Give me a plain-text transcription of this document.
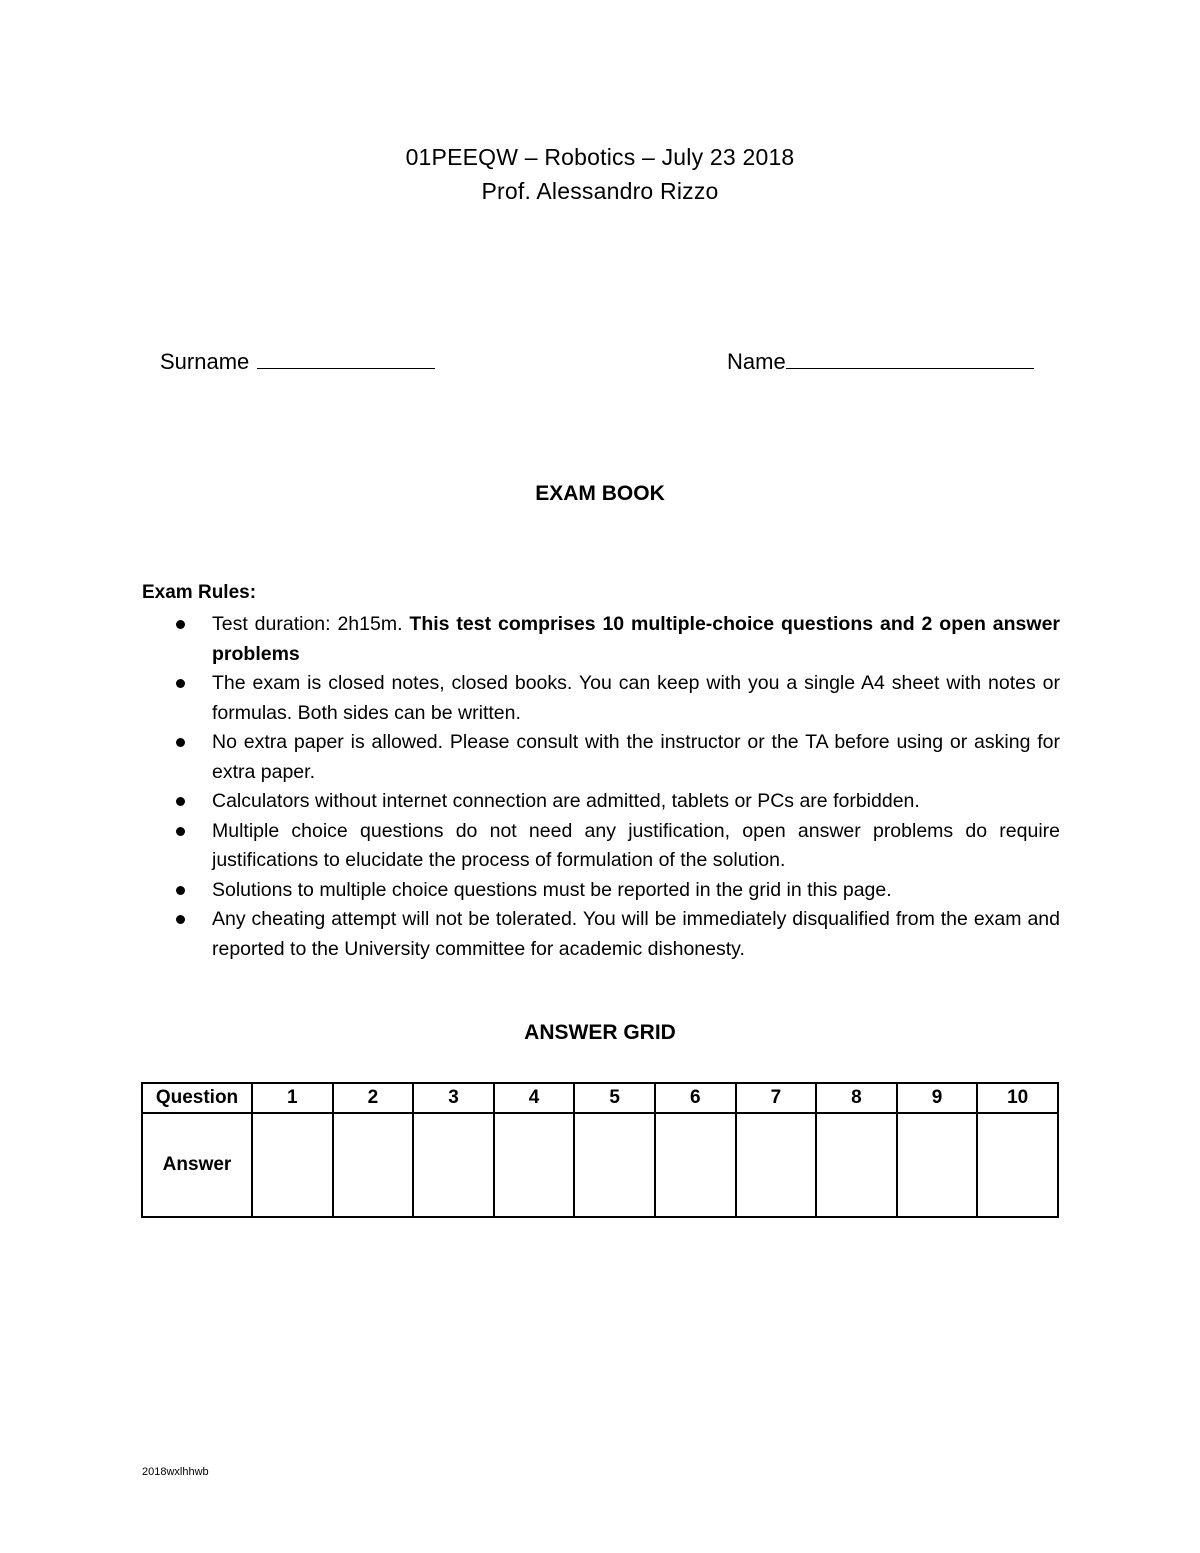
01PEEQW – Robotics – July 23 2018
Prof. Alessandro Rizzo
Surname	Name
EXAM BOOK
Exam Rules:
Test duration: 2h15m. This test comprises 10 multiple-choice questions and 2 open answer problems
The exam is closed notes, closed books. You can keep with you a single A4 sheet with notes or formulas. Both sides can be written.
No extra paper is allowed. Please consult with the instructor or the TA before using or asking for extra paper.
Calculators without internet connection are admitted, tablets or PCs are forbidden.
Multiple choice questions do not need any justification, open answer problems do require justifications to elucidate the process of formulation of the solution.
Solutions to multiple choice questions must be reported in the grid in this page.
Any cheating attempt will not be tolerated. You will be immediately disqualified from the exam and reported to the University committee for academic dishonesty.
ANSWER GRID
Question	1	2	3	4	5	6	7	8	9	10
Answer										
2018wxlhhwb
